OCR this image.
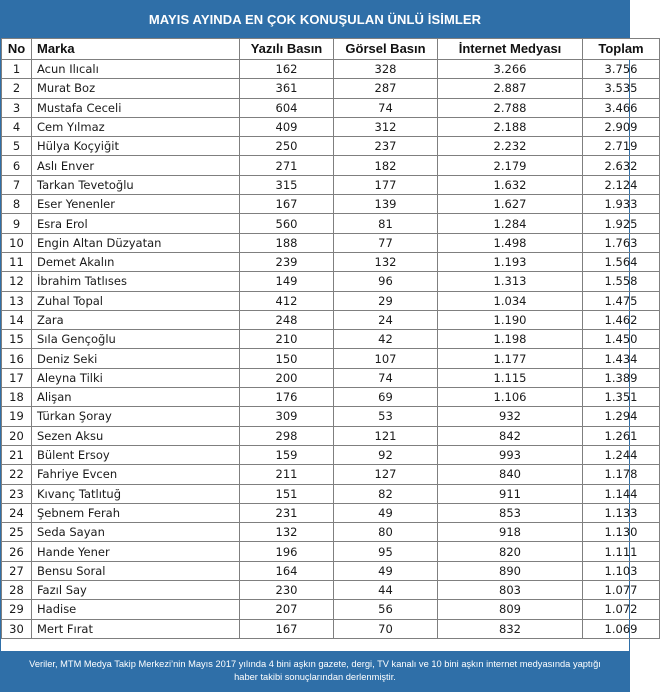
MAYIS AYINDA EN ÇOK KONUŞULAN ÜNLÜ İSİMLER
No	Marka	Yazılı Basın	Görsel Basın	İnternet Medyası	Toplam
1	Acun Ilıcalı	162	328	3.266	3.756
2	Murat Boz	361	287	2.887	3.535
3	Mustafa Ceceli	604	74	2.788	3.466
4	Cem Yılmaz	409	312	2.188	2.909
5	Hülya Koçyiğit	250	237	2.232	2.719
6	Aslı Enver	271	182	2.179	2.632
7	Tarkan Tevetoğlu	315	177	1.632	2.124
8	Eser Yenenler	167	139	1.627	1.933
9	Esra Erol	560	81	1.284	1.925
10	Engin Altan Düzyatan	188	77	1.498	1.763
11	Demet Akalın	239	132	1.193	1.564
12	İbrahim Tatlıses	149	96	1.313	1.558
13	Zuhal Topal	412	29	1.034	1.475
14	Zara	248	24	1.190	1.462
15	Sıla Gençoğlu	210	42	1.198	1.450
16	Deniz Seki	150	107	1.177	1.434
17	Aleyna Tilki	200	74	1.115	1.389
18	Alişan	176	69	1.106	1.351
19	Türkan Şoray	309	53	932	1.294
20	Sezen Aksu	298	121	842	1.261
21	Bülent Ersoy	159	92	993	1.244
22	Fahriye Evcen	211	127	840	1.178
23	Kıvanç Tatlıtuğ	151	82	911	1.144
24	Şebnem Ferah	231	49	853	1.133
25	Seda Sayan	132	80	918	1.130
26	Hande Yener	196	95	820	1.111
27	Bensu Soral	164	49	890	1.103
28	Fazıl Say	230	44	803	1.077
29	Hadise	207	56	809	1.072
30	Mert Fırat	167	70	832	1.069
Veriler, MTM Medya Takip Merkezi’nin Mayıs 2017 yılında 4 bini aşkın gazete, dergi, TV kanalı ve 10 bini aşkın internet medyasında yaptığı
haber takibi sonuçlarından derlenmiştir.
